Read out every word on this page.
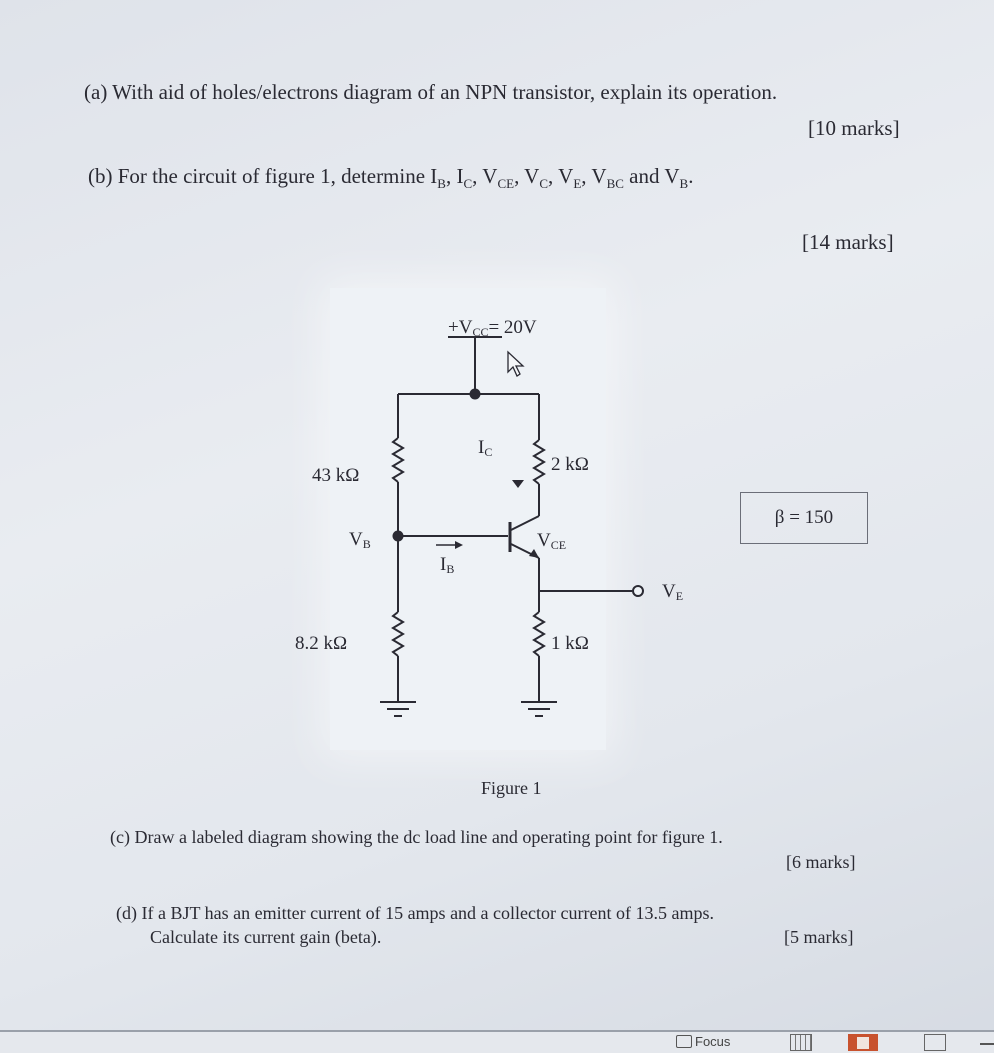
(a) With aid of holes/electrons diagram of an NPN transistor, explain its operation.
[10 marks]
(b) For the circuit of figure 1, determine $I_B$, $I_C$, $V_{CE}$, $V_C$, $V_E$, $V_{BC}$ and $V_B$.
[14 marks]
+VCC= 20V
43 kΩ
8.2 kΩ
2 kΩ
1 kΩ
VB
IB
IC
VCE
VE
β = 150
Figure 1
(c) Draw a labeled diagram showing the dc load line and operating point for figure 1.
[6 marks]
(d) If a BJT has an emitter current of 15 amps and a collector current of 13.5 amps.
Calculate its current gain (beta).	[5 marks]
Focus
